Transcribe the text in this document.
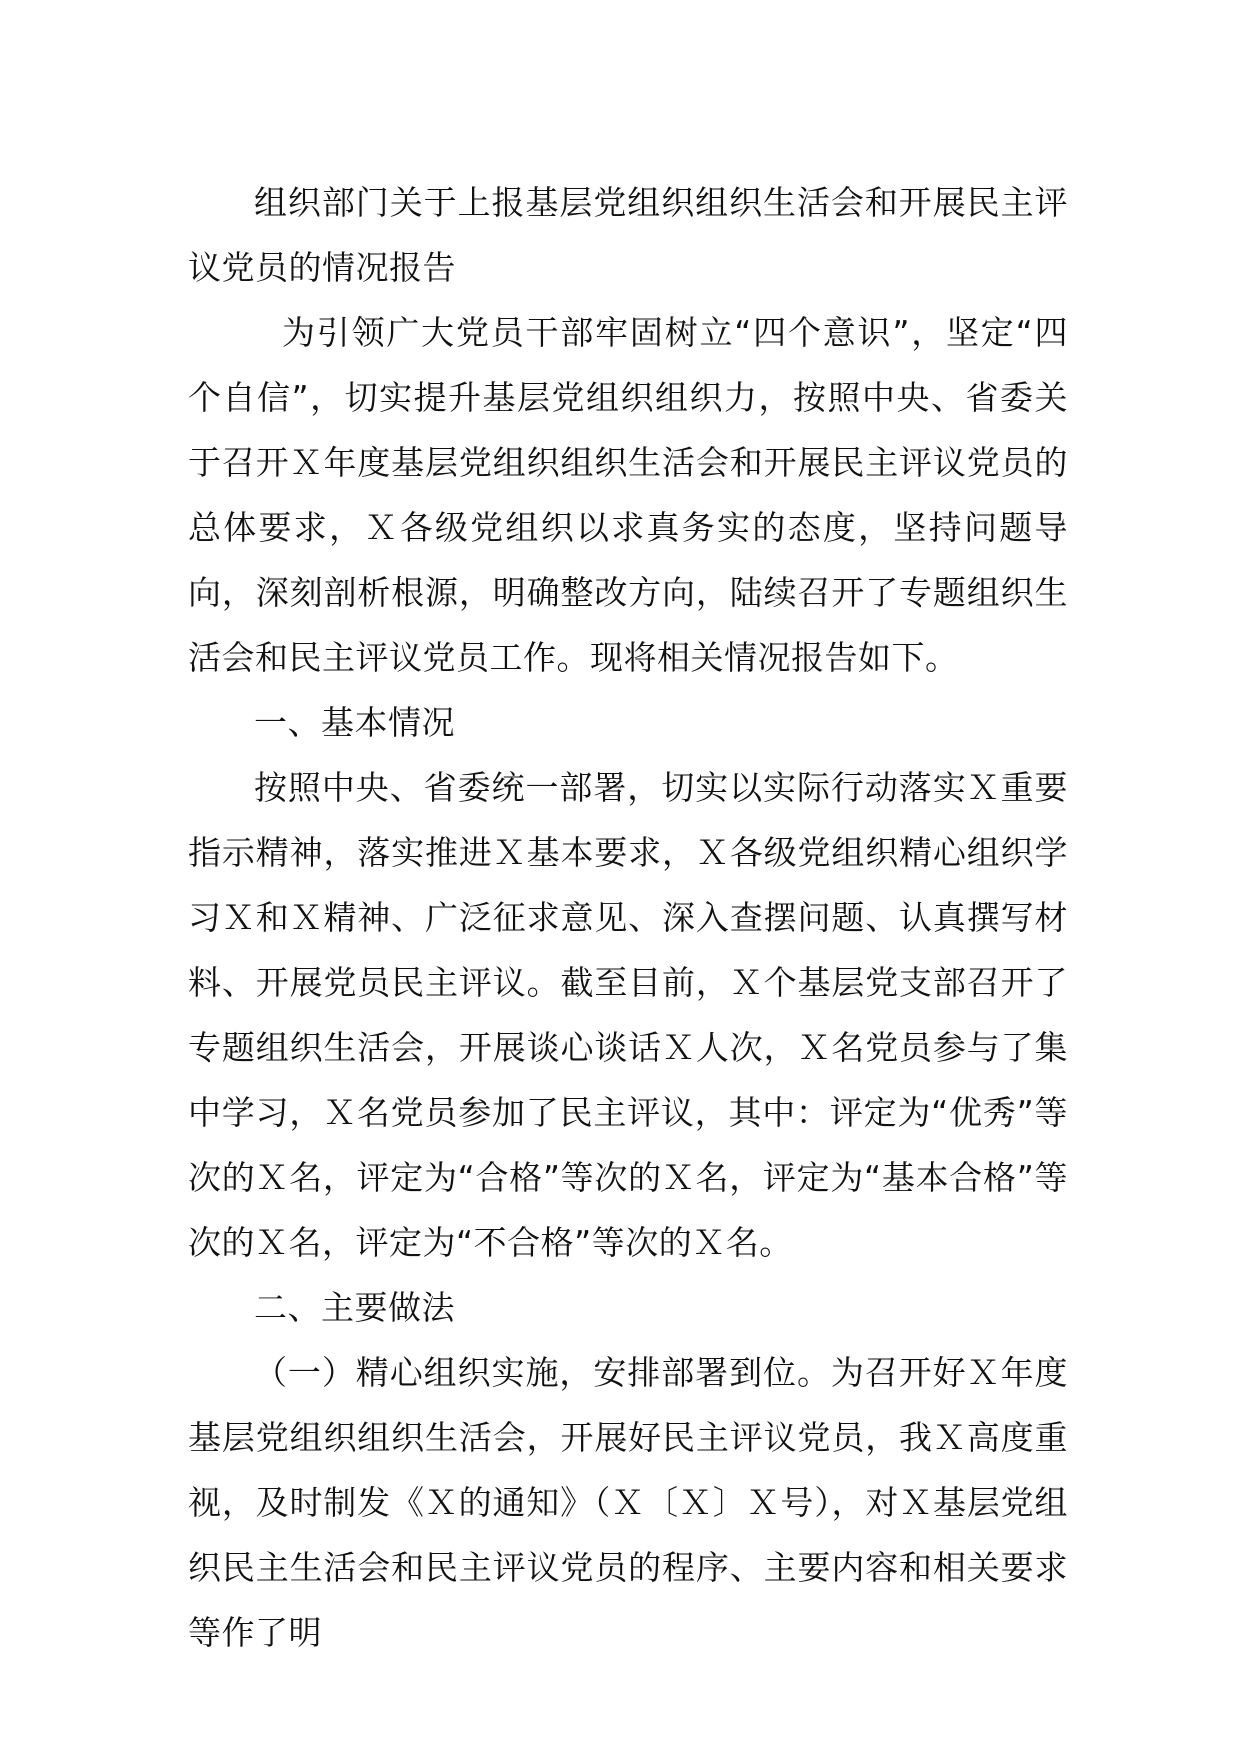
组织部门关于上报基层党组织组织生活会和开展民主评议党员的情况报告

为引领广大党员干部牢固树立“四个意识”，坚定“四个自信”，切实提升基层党组织组织力，按照中央、省委关于召开Ｘ年度基层党组织组织生活会和开展民主评议党员的总体要求，Ｘ各级党组织以求真务实的态度，坚持问题导向，深刻剖析根源，明确整改方向，陆续召开了专题组织生活会和民主评议党员工作。现将相关情况报告如下。

一、基本情况

按照中央、省委统一部署，切实以实际行动落实Ｘ重要指示精神，落实推进Ｘ基本要求，Ｘ各级党组织精心组织学习Ｘ和Ｘ精神、广泛征求意见、深入查摆问题、认真撰写材料、开展党员民主评议。截至目前，Ｘ个基层党支部召开了专题组织生活会，开展谈心谈话Ｘ人次，Ｘ名党员参与了集中学习，Ｘ名党员参加了民主评议，其中：评定为“优秀”等次的Ｘ名，评定为“合格”等次的Ｘ名，评定为“基本合格”等次的Ｘ名，评定为“不合格”等次的Ｘ名。

二、主要做法

（一）精心组织实施，安排部署到位。为召开好Ｘ年度基层党组织组织生活会，开展好民主评议党员，我Ｘ高度重视，及时制发《Ｘ的通知》（Ｘ〔Ｘ〕Ｘ号），对Ｘ基层党组织民主生活会和民主评议党员的程序、主要内容和相关要求等作了明
